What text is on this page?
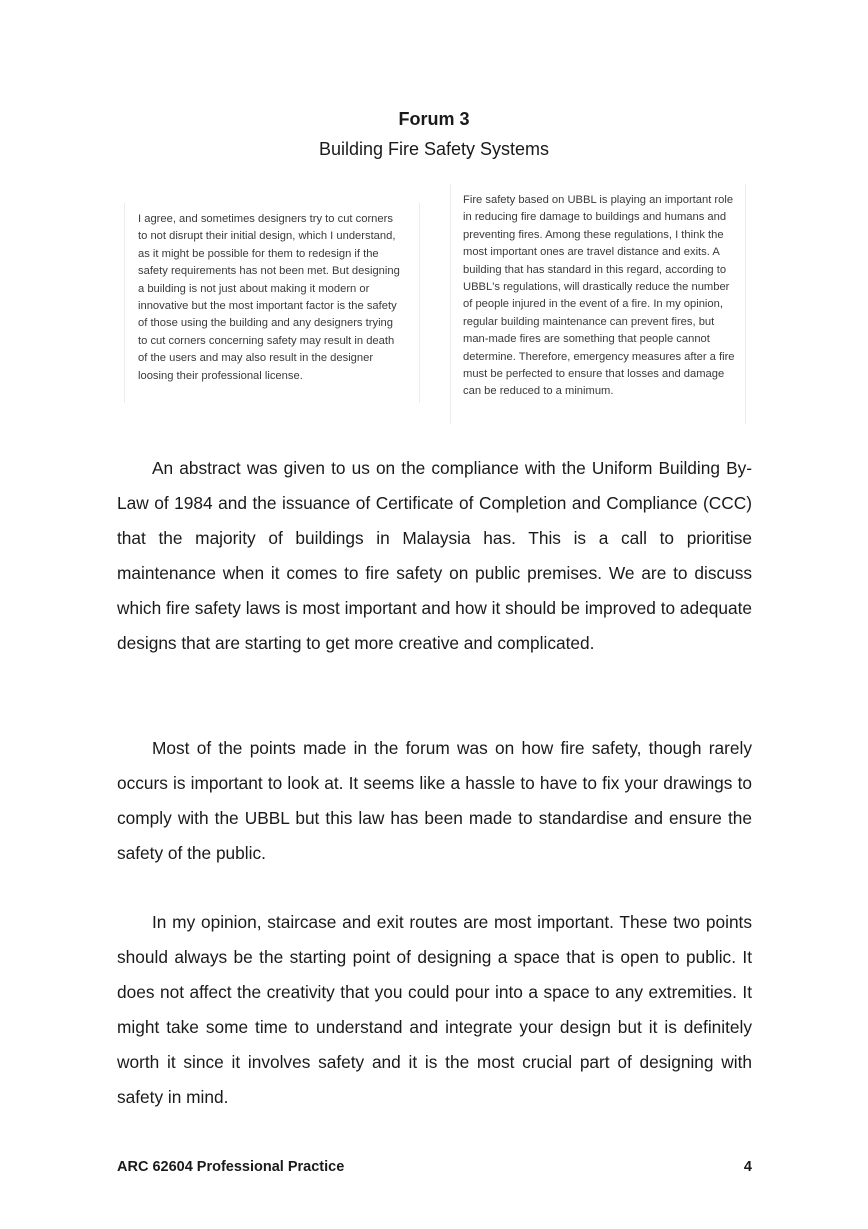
Forum 3
Building Fire Safety Systems
I agree, and sometimes designers try to cut corners to not disrupt their initial design, which I understand, as it might be possible for them to redesign if the safety requirements has not been met. But designing a building is not just about making it modern or innovative but the most important factor is the safety of those using the building and any designers trying to cut corners concerning safety may result in death of the users and may also result in the designer loosing their professional license.
Fire safety based on UBBL is playing an important role in reducing fire damage to buildings and humans and preventing fires. Among these regulations, I think the most important ones are travel distance and exits. A building that has standard in this regard, according to UBBL's regulations, will drastically reduce the number of people injured in the event of a fire. In my opinion, regular building maintenance can prevent fires, but man-made fires are something that people cannot determine. Therefore, emergency measures after a fire must be perfected to ensure that losses and damage can be reduced to a minimum.

An abstract was given to us on the compliance with the Uniform Building By-Law of 1984 and the issuance of Certificate of Completion and Compliance (CCC) that the majority of buildings in Malaysia has. This is a call to prioritise maintenance when it comes to fire safety on public premises. We are to discuss which fire safety laws is most important and how it should be improved to adequate designs that are starting to get more creative and complicated.

Most of the points made in the forum was on how fire safety, though rarely occurs is important to look at. It seems like a hassle to have to fix your drawings to comply with the UBBL but this law has been made to standardise and ensure the safety of the public.

In my opinion, staircase and exit routes are most important. These two points should always be the starting point of designing a space that is open to public. It does not affect the creativity that you could pour into a space to any extremities. It might take some time to understand and integrate your design but it is definitely worth it since it involves safety and it is the most crucial part of designing with safety in mind.

ARC 62604 Professional Practice	4
